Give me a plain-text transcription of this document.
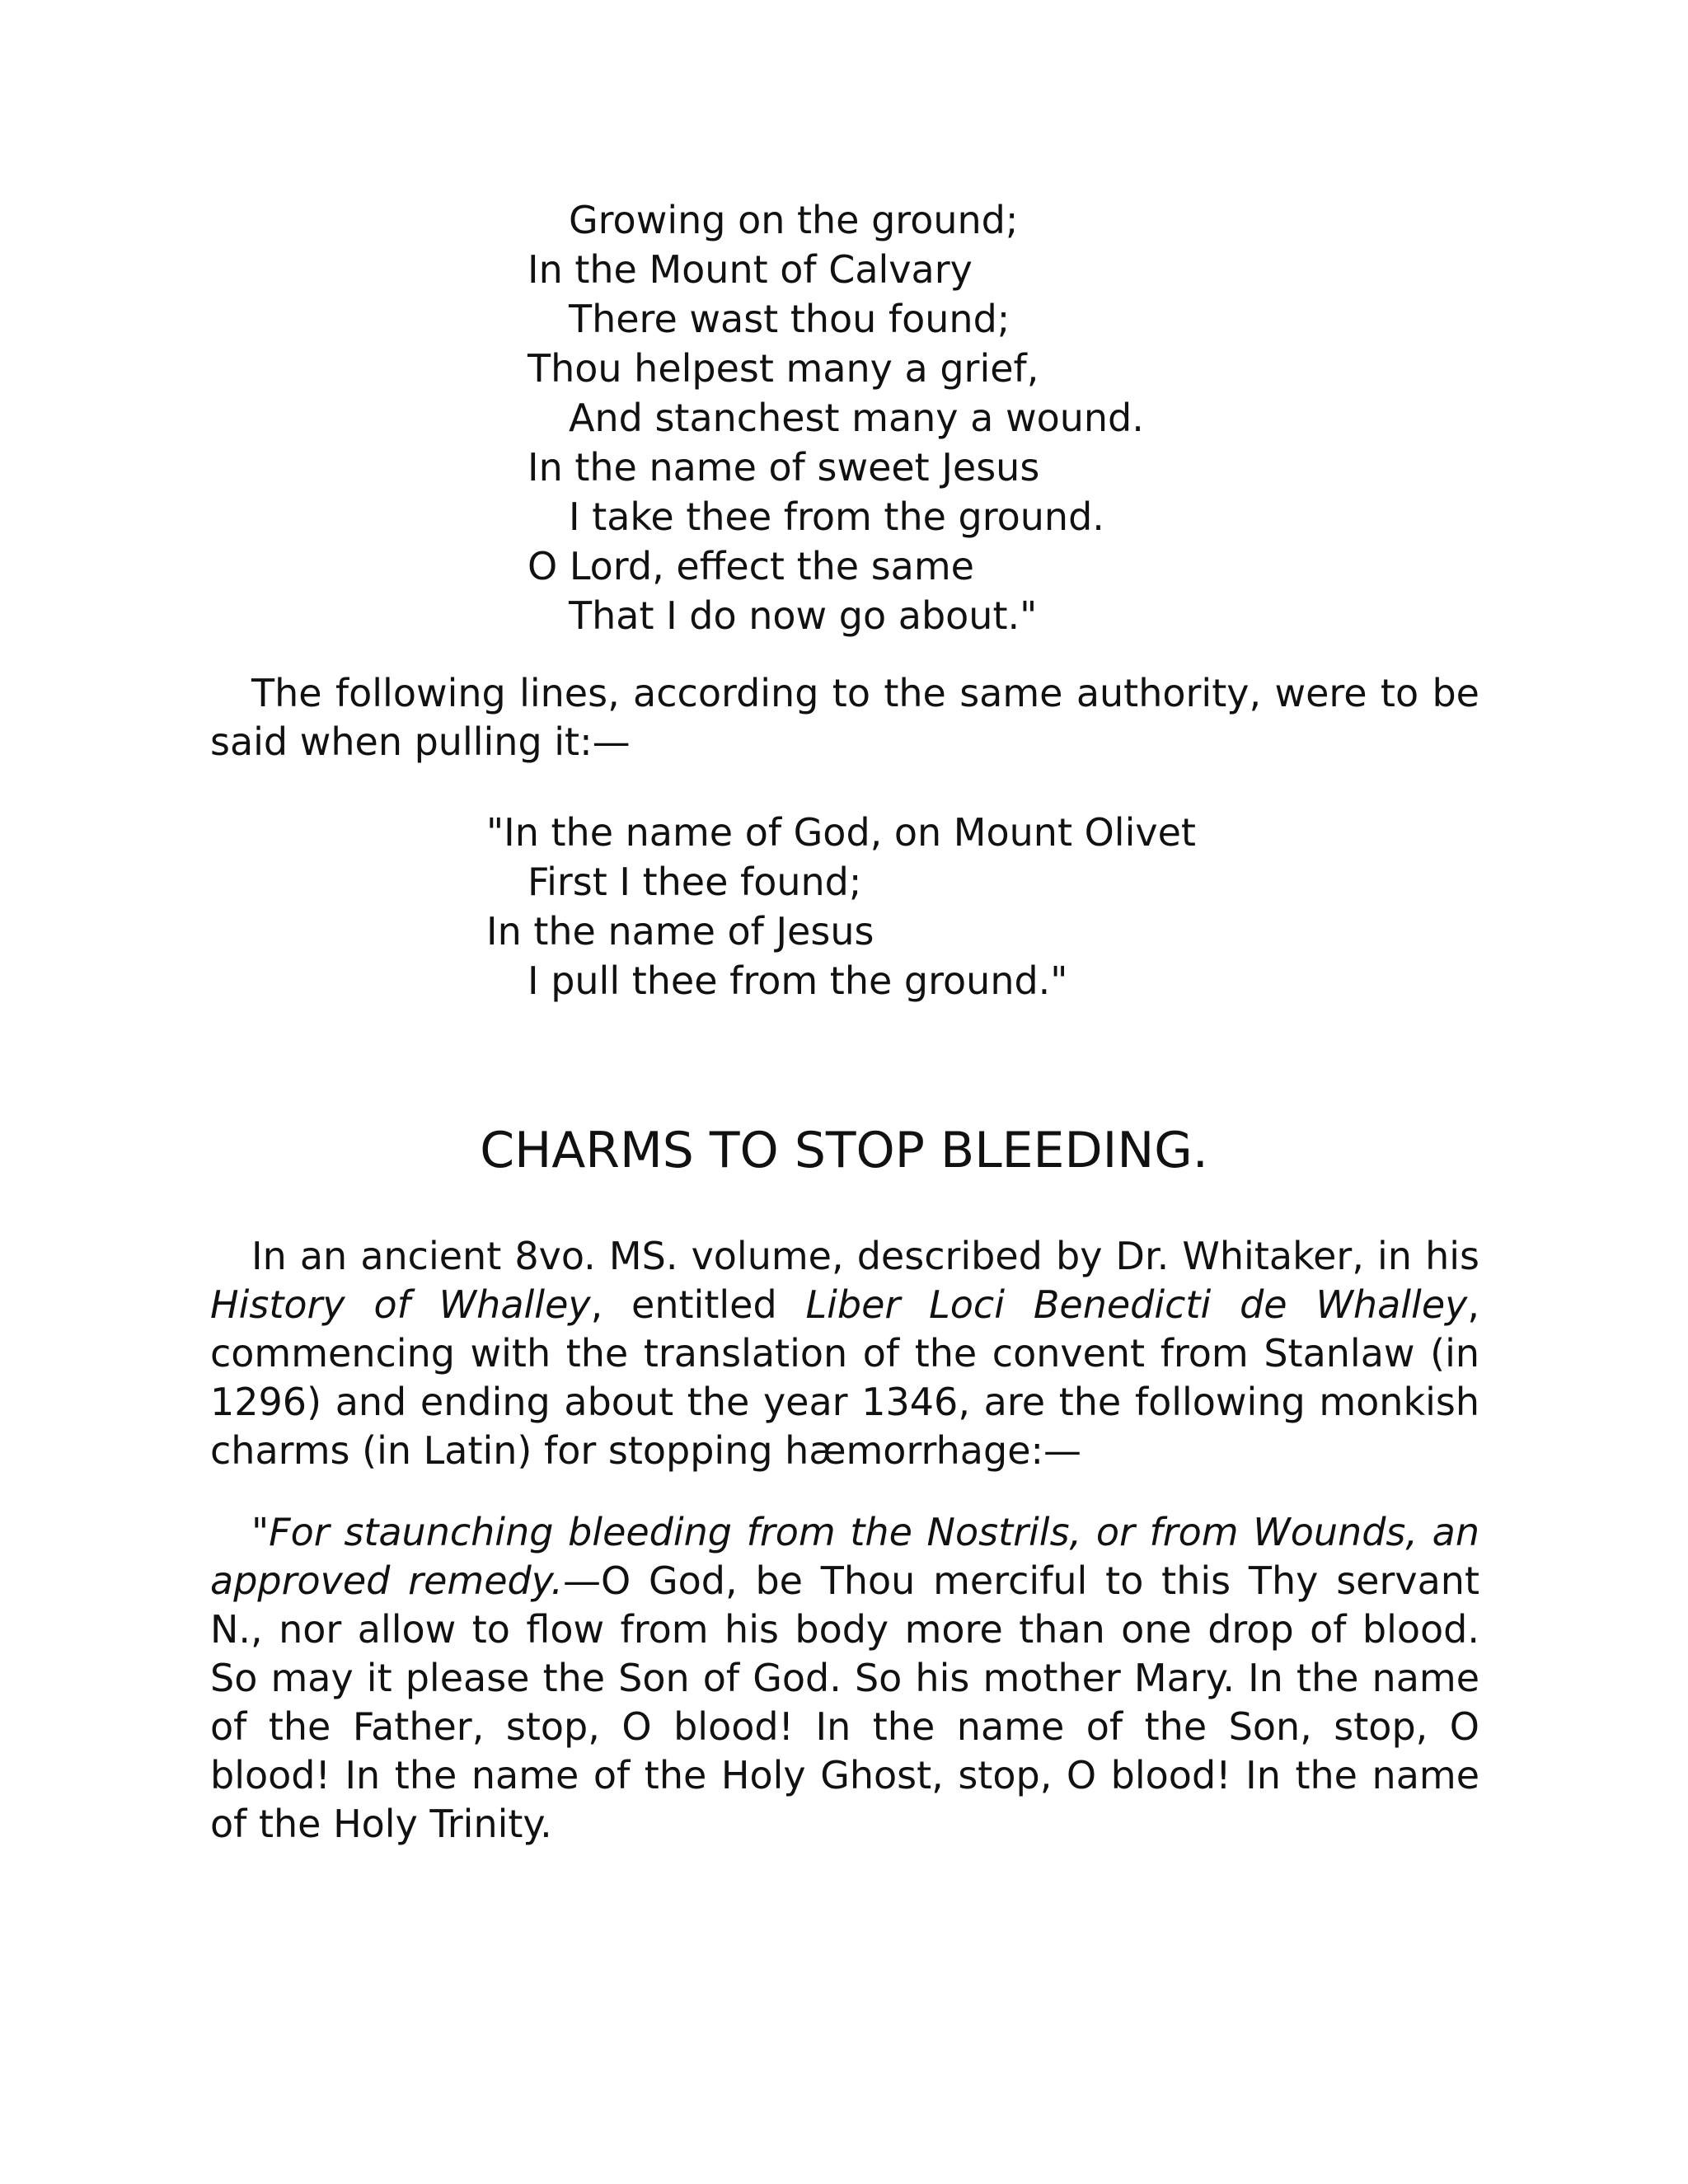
Growing on the ground;
In the Mount of Calvary
There wast thou found;
Thou helpest many a grief,
And stanchest many a wound.
In the name of sweet Jesus
I take thee from the ground.
O Lord, effect the same
That I do now go about."

The following lines, according to the same authority, were to be said when pulling it:—

"In the name of God, on Mount Olivet
First I thee found;
In the name of Jesus
I pull thee from the ground."
CHARMS TO STOP BLEEDING.

In an ancient 8vo. MS. volume, described by Dr. Whitaker, in his History of Whalley, entitled Liber Loci Benedicti de Whalley, commencing with the translation of the convent from Stanlaw (in 1296) and ending about the year 1346, are the following monkish charms (in Latin) for stopping hæmorrhage:—

"For staunching bleeding from the Nostrils, or from Wounds, an approved remedy.—O God, be Thou merciful to this Thy servant N., nor allow to flow from his body more than one drop of blood. So may it please the Son of God. So his mother Mary. In the name of the Father, stop, O blood! In the name of the Son, stop, O blood! In the name of the Holy Ghost, stop, O blood! In the name of the Holy Trinity.
